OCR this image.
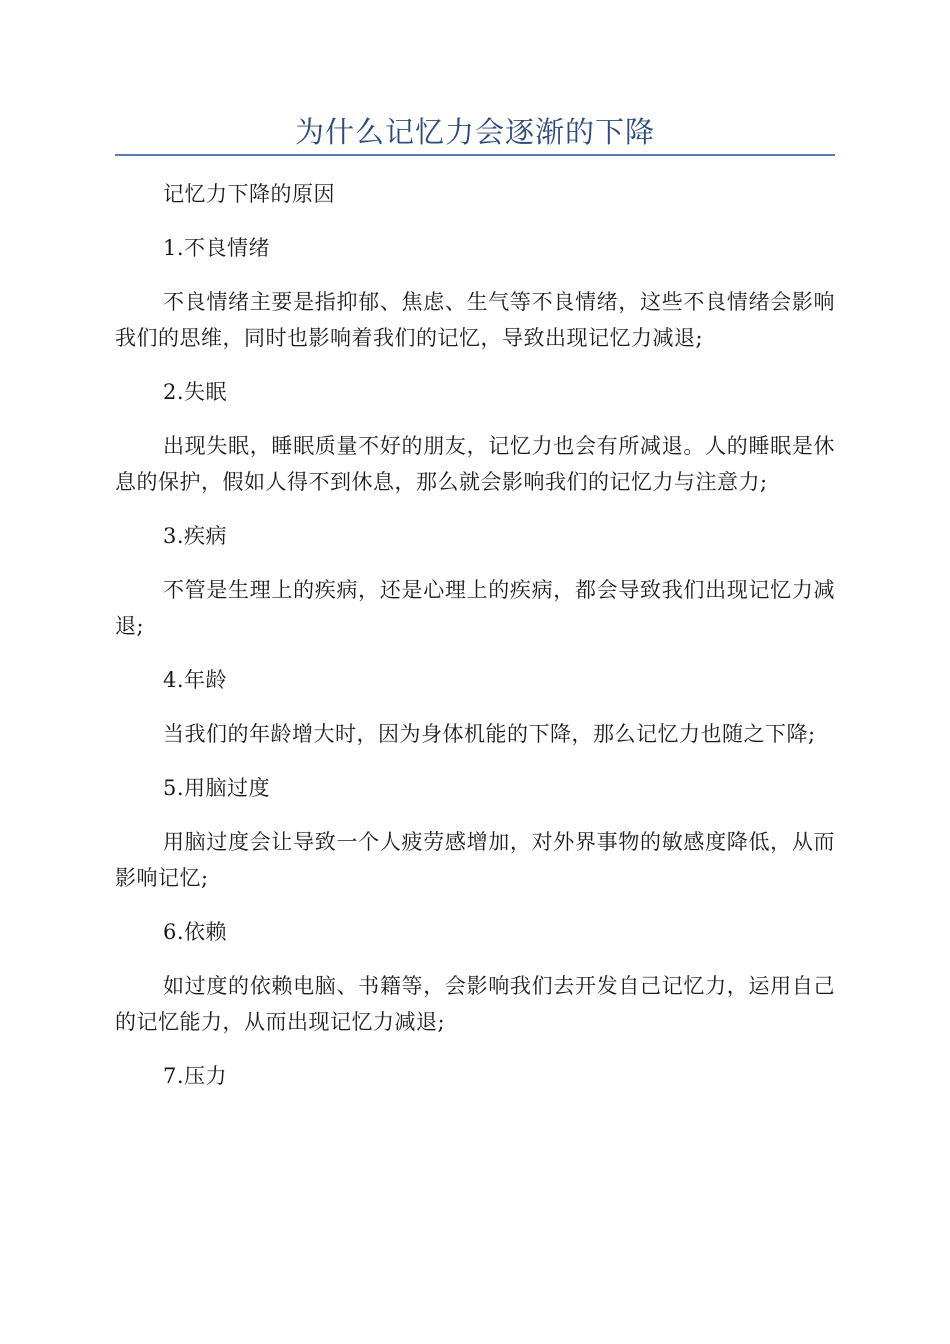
为什么记忆力会逐渐的下降

记忆力下降的原因

1.不良情绪

不良情绪主要是指抑郁、焦虑、生气等不良情绪，这些不良情绪会影响我们的思维，同时也影响着我们的记忆，导致出现记忆力减退;

2.失眠

出现失眠，睡眠质量不好的朋友，记忆力也会有所减退。人的睡眠是休息的保护，假如人得不到休息，那么就会影响我们的记忆力与注意力;

3.疾病

不管是生理上的疾病，还是心理上的疾病，都会导致我们出现记忆力减退;

4.年龄

当我们的年龄增大时，因为身体机能的下降，那么记忆力也随之下降;

5.用脑过度

用脑过度会让导致一个人疲劳感增加，对外界事物的敏感度降低，从而影响记忆;

6.依赖

如过度的依赖电脑、书籍等，会影响我们去开发自己记忆力，运用自己的记忆能力，从而出现记忆力减退;

7.压力
